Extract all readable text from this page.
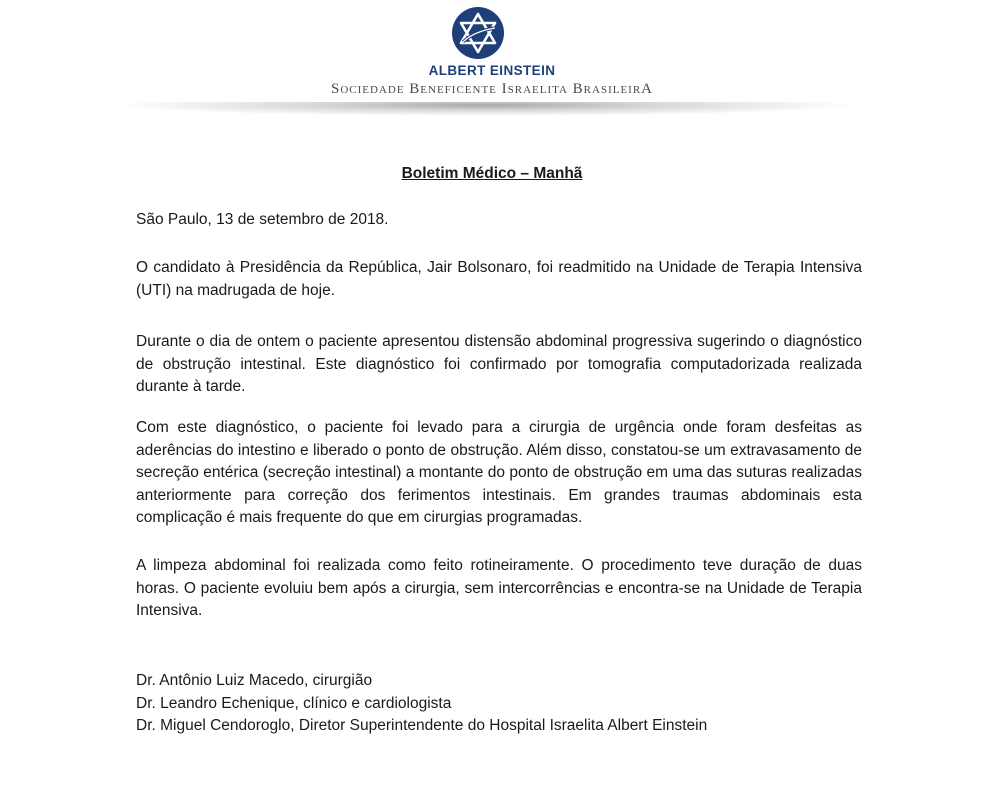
ALBERT EINSTEIN
Sociedade Beneficente Israelita BrasileirA
Boletim Médico – Manhã

São Paulo, 13 de setembro de 2018.

O candidato à Presidência da República, Jair Bolsonaro, foi readmitido na Unidade de Terapia Intensiva (UTI) na madrugada de hoje.

Durante o dia de ontem o paciente apresentou distensão abdominal progressiva sugerindo o diagnóstico de obstrução intestinal. Este diagnóstico foi confirmado por tomografia computadorizada realizada durante à tarde.

Com este diagnóstico, o paciente foi levado para a cirurgia de urgência onde foram desfeitas as aderências do intestino e liberado o ponto de obstrução. Além disso, constatou-se um extravasamento de secreção entérica (secreção intestinal) a montante do ponto de obstrução em uma das suturas realizadas anteriormente para correção dos ferimentos intestinais. Em grandes traumas abdominais esta complicação é mais frequente do que em cirurgias programadas.

A limpeza abdominal foi realizada como feito rotineiramente. O procedimento teve duração de duas horas. O paciente evoluiu bem após a cirurgia, sem intercorrências e encontra-se na Unidade de Terapia Intensiva.

Dr. Antônio Luiz Macedo, cirurgião
Dr. Leandro Echenique, clínico e cardiologista
Dr. Miguel Cendoroglo, Diretor Superintendente do Hospital Israelita Albert Einstein
